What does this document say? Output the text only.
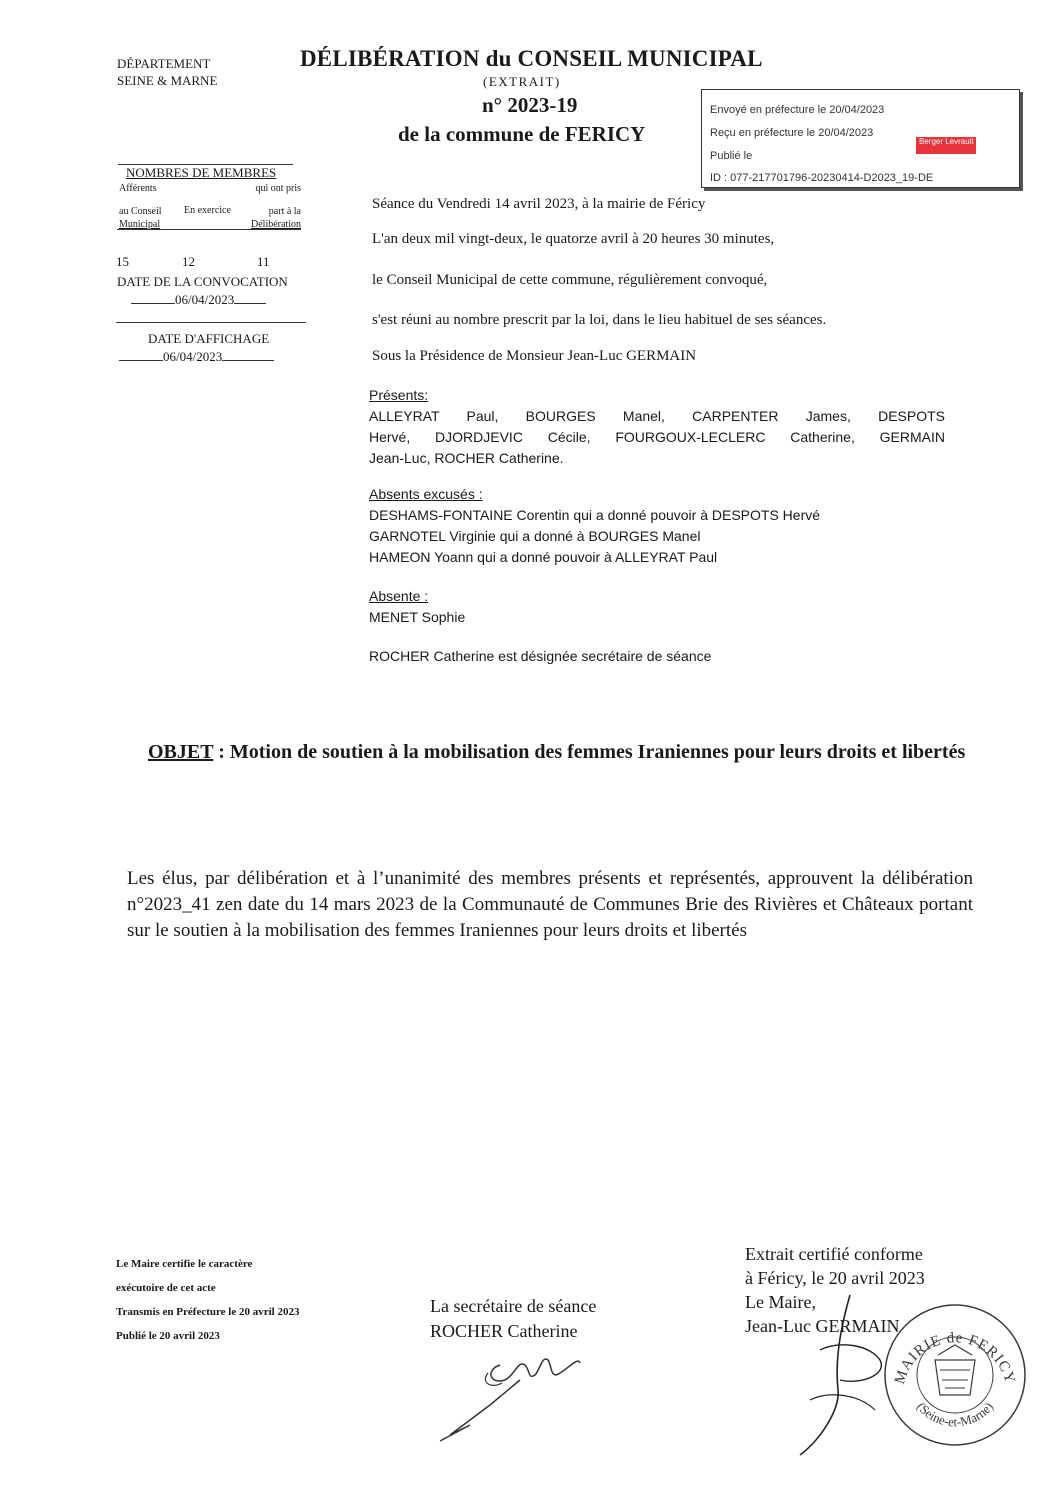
DÉPARTEMENT
SEINE & MARNE
DÉLIBÉRATION du CONSEIL MUNICIPAL
(EXTRAIT)
n° 2023-19
de la commune de FERICY
Envoyé en préfecture le 20/04/2023
Reçu en préfecture le 20/04/2023
Publié le
ID : 077-217701796-20230414-D2023_19-DE
Berger Levrault
NOMBRES DE MEMBRES
Afférents
au Conseil
Municipal
En exercice
qui ont pris
part à la
Délibération
15	12	11
DATE DE LA CONVOCATION
06/04/2023
DATE D'AFFICHAGE
06/04/2023
Séance du Vendredi 14 avril 2023, à la mairie de Féricy
L'an deux mil vingt-deux, le quatorze avril à 20 heures 30 minutes,
le Conseil Municipal de cette commune, régulièrement convoqué,
s'est réuni au nombre prescrit par la loi, dans le lieu habituel de ses séances.
Sous la Présidence de Monsieur Jean-Luc GERMAIN
Présents:
ALLEYRAT Paul, BOURGES Manel, CARPENTER James, DESPOTS
Hervé, DJORDJEVIC Cécile, FOURGOUX-LECLERC Catherine, GERMAIN
Jean-Luc, ROCHER Catherine.
Absents excusés :
DESHAMS-FONTAINE Corentin qui a donné pouvoir à DESPOTS Hervé
GARNOTEL Virginie qui a donné à BOURGES Manel
HAMEON Yoann qui a donné pouvoir à ALLEYRAT Paul
Absente :
MENET Sophie
ROCHER Catherine est désignée secrétaire de séance
OBJET : Motion de soutien à la mobilisation des femmes Iraniennes pour leurs droits et libertés
Les élus, par délibération et à l’unanimité des membres présents et représentés, approuvent la délibération n°2023_41 zen date du 14 mars 2023 de la Communauté de Communes Brie des Rivières et Châteaux portant sur le soutien à la mobilisation des femmes Iraniennes pour leurs droits et libertés
Le Maire certifie le caractère
exécutoire de cet acte
Transmis en Préfecture le 20 avril 2023
Publié le 20 avril 2023
La secrétaire de séance
ROCHER Catherine
Extrait certifié conforme
à Féricy, le 20 avril 2023
Le Maire,
Jean-Luc GERMAIN
MAIRIE de FERICY
(Seine-et-Marne)
